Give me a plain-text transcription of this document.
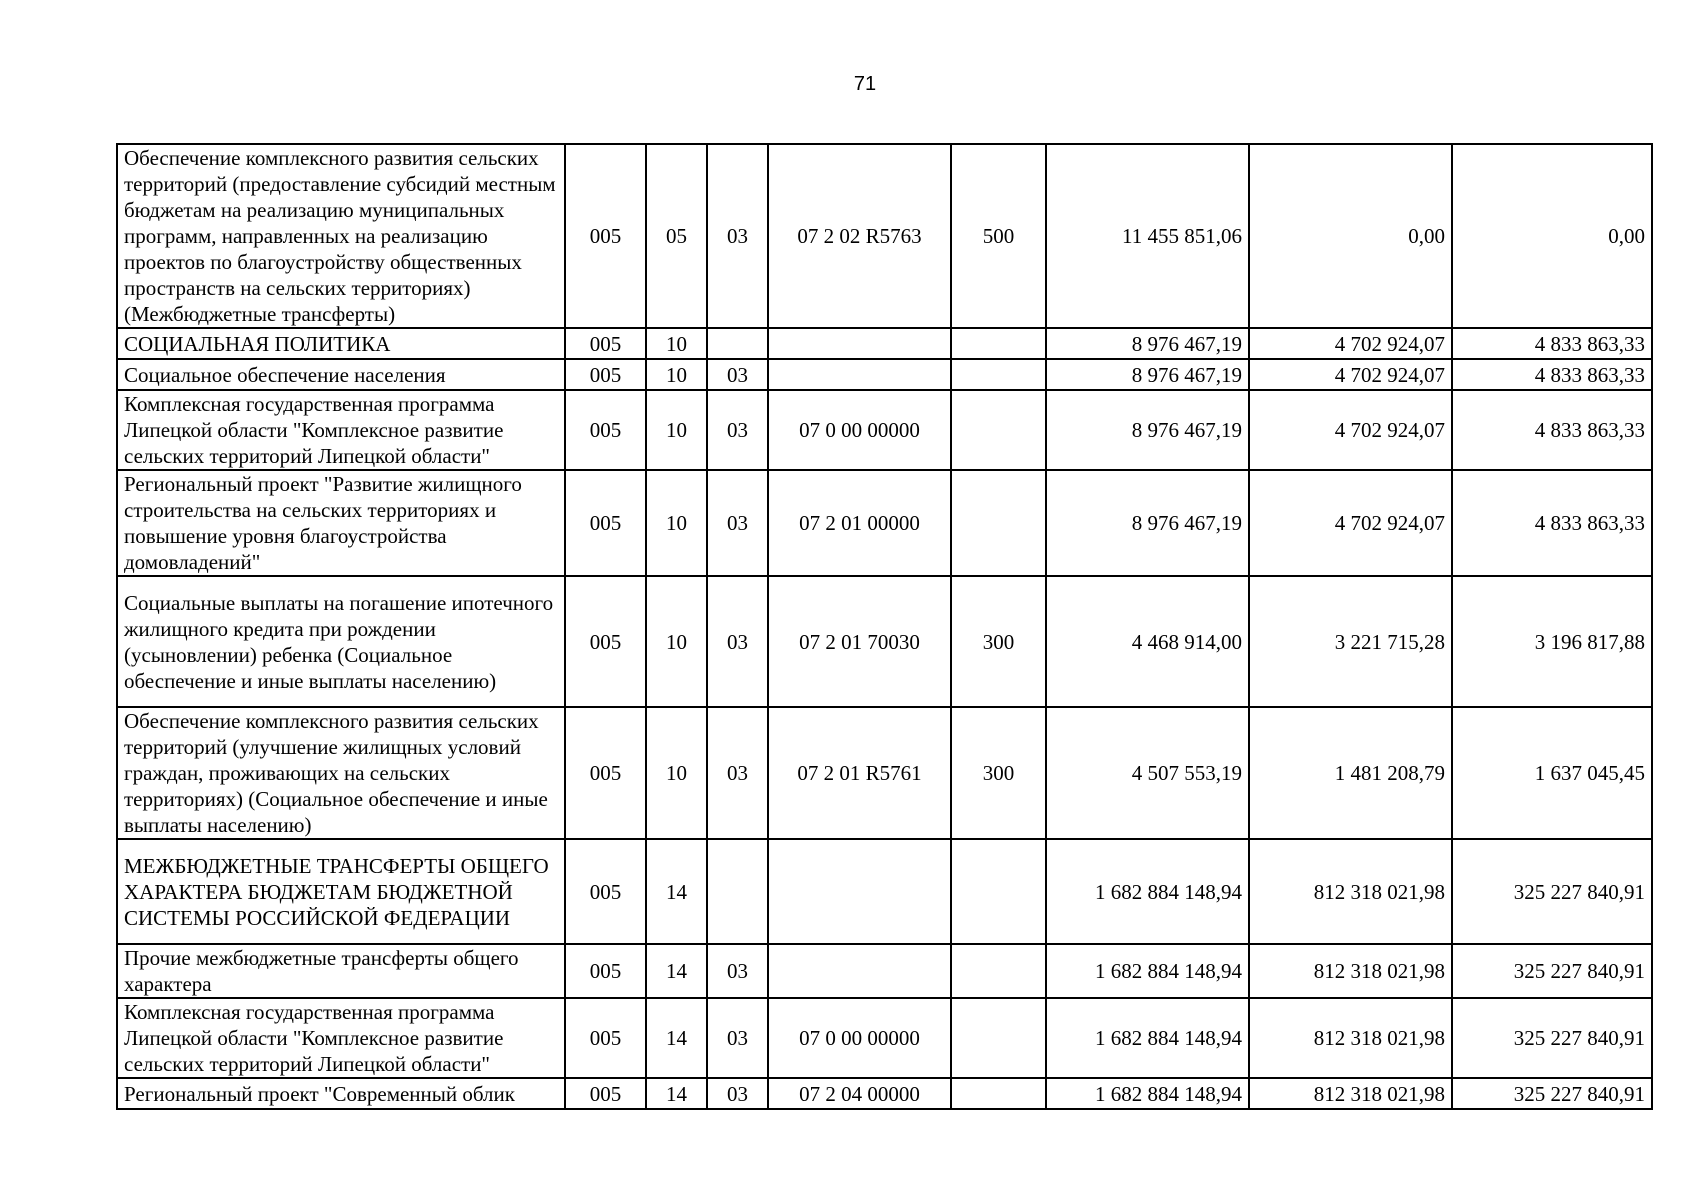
71
Обеспечение комплексного развития сельских территорий (предоставление субсидий местным бюджетам на реализацию муниципальных программ, направленных на реализацию проектов по благоустройству общественных пространств на сельских территориях) (Межбюджетные трансферты)	005	05	03	07 2 02 R5763	500	11 455 851,06	0,00	0,00
СОЦИАЛЬНАЯ ПОЛИТИКА	005	10				8 976 467,19	4 702 924,07	4 833 863,33
Социальное обеспечение населения	005	10	03			8 976 467,19	4 702 924,07	4 833 863,33
Комплексная государственная программа Липецкой области "Комплексное развитие сельских территорий Липецкой области"	005	10	03	07 0 00 00000		8 976 467,19	4 702 924,07	4 833 863,33
Региональный проект "Развитие жилищного строительства на сельских территориях и повышение уровня благоустройства домовладений"	005	10	03	07 2 01 00000		8 976 467,19	4 702 924,07	4 833 863,33
Социальные выплаты на погашение ипотечного жилищного кредита при рождении (усыновлении) ребенка (Социальное обеспечение и иные выплаты населению)	005	10	03	07 2 01 70030	300	4 468 914,00	3 221 715,28	3 196 817,88
Обеспечение комплексного развития сельских территорий (улучшение жилищных условий граждан, проживающих на сельских территориях) (Социальное обеспечение и иные выплаты населению)	005	10	03	07 2 01 R5761	300	4 507 553,19	1 481 208,79	1 637 045,45
МЕЖБЮДЖЕТНЫЕ ТРАНСФЕРТЫ ОБЩЕГО ХАРАКТЕРА БЮДЖЕТАМ БЮДЖЕТНОЙ СИСТЕМЫ РОССИЙСКОЙ ФЕДЕРАЦИИ	005	14				1 682 884 148,94	812 318 021,98	325 227 840,91
Прочие межбюджетные трансферты общего характера	005	14	03			1 682 884 148,94	812 318 021,98	325 227 840,91
Комплексная государственная программа Липецкой области "Комплексное развитие сельских территорий Липецкой области"	005	14	03	07 0 00 00000		1 682 884 148,94	812 318 021,98	325 227 840,91
Региональный проект "Современный облик	005	14	03	07 2 04 00000		1 682 884 148,94	812 318 021,98	325 227 840,91
